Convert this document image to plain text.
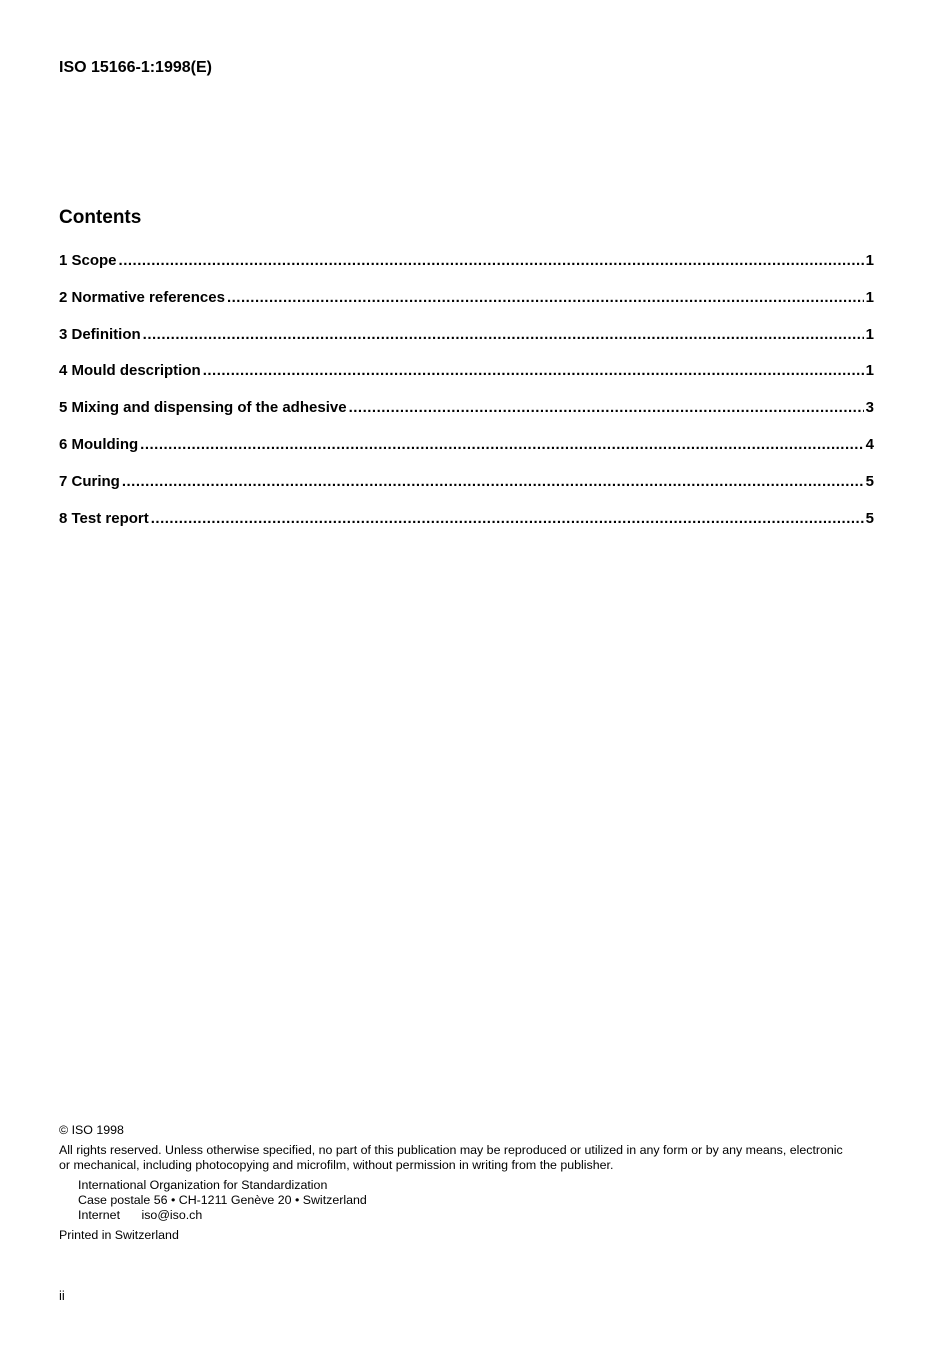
ISO 15166-1:1998(E)
Contents
1 Scope .....	1
2 Normative references .....	1
3 Definition .....	1
4 Mould description .....	1
5 Mixing and dispensing of the adhesive .....	3
6 Moulding .....	4
7 Curing .....	5
8 Test report .....	5
© ISO 1998
All rights reserved. Unless otherwise specified, no part of this publication may be reproduced or utilized in any form or by any means, electronic
or mechanical, including photocopying and microfilm, without permission in writing from the publisher.
International Organization for Standardization
Case postale 56 • CH-1211 Genève 20 • Switzerland
Internet iso@iso.ch
Printed in Switzerland
ii
